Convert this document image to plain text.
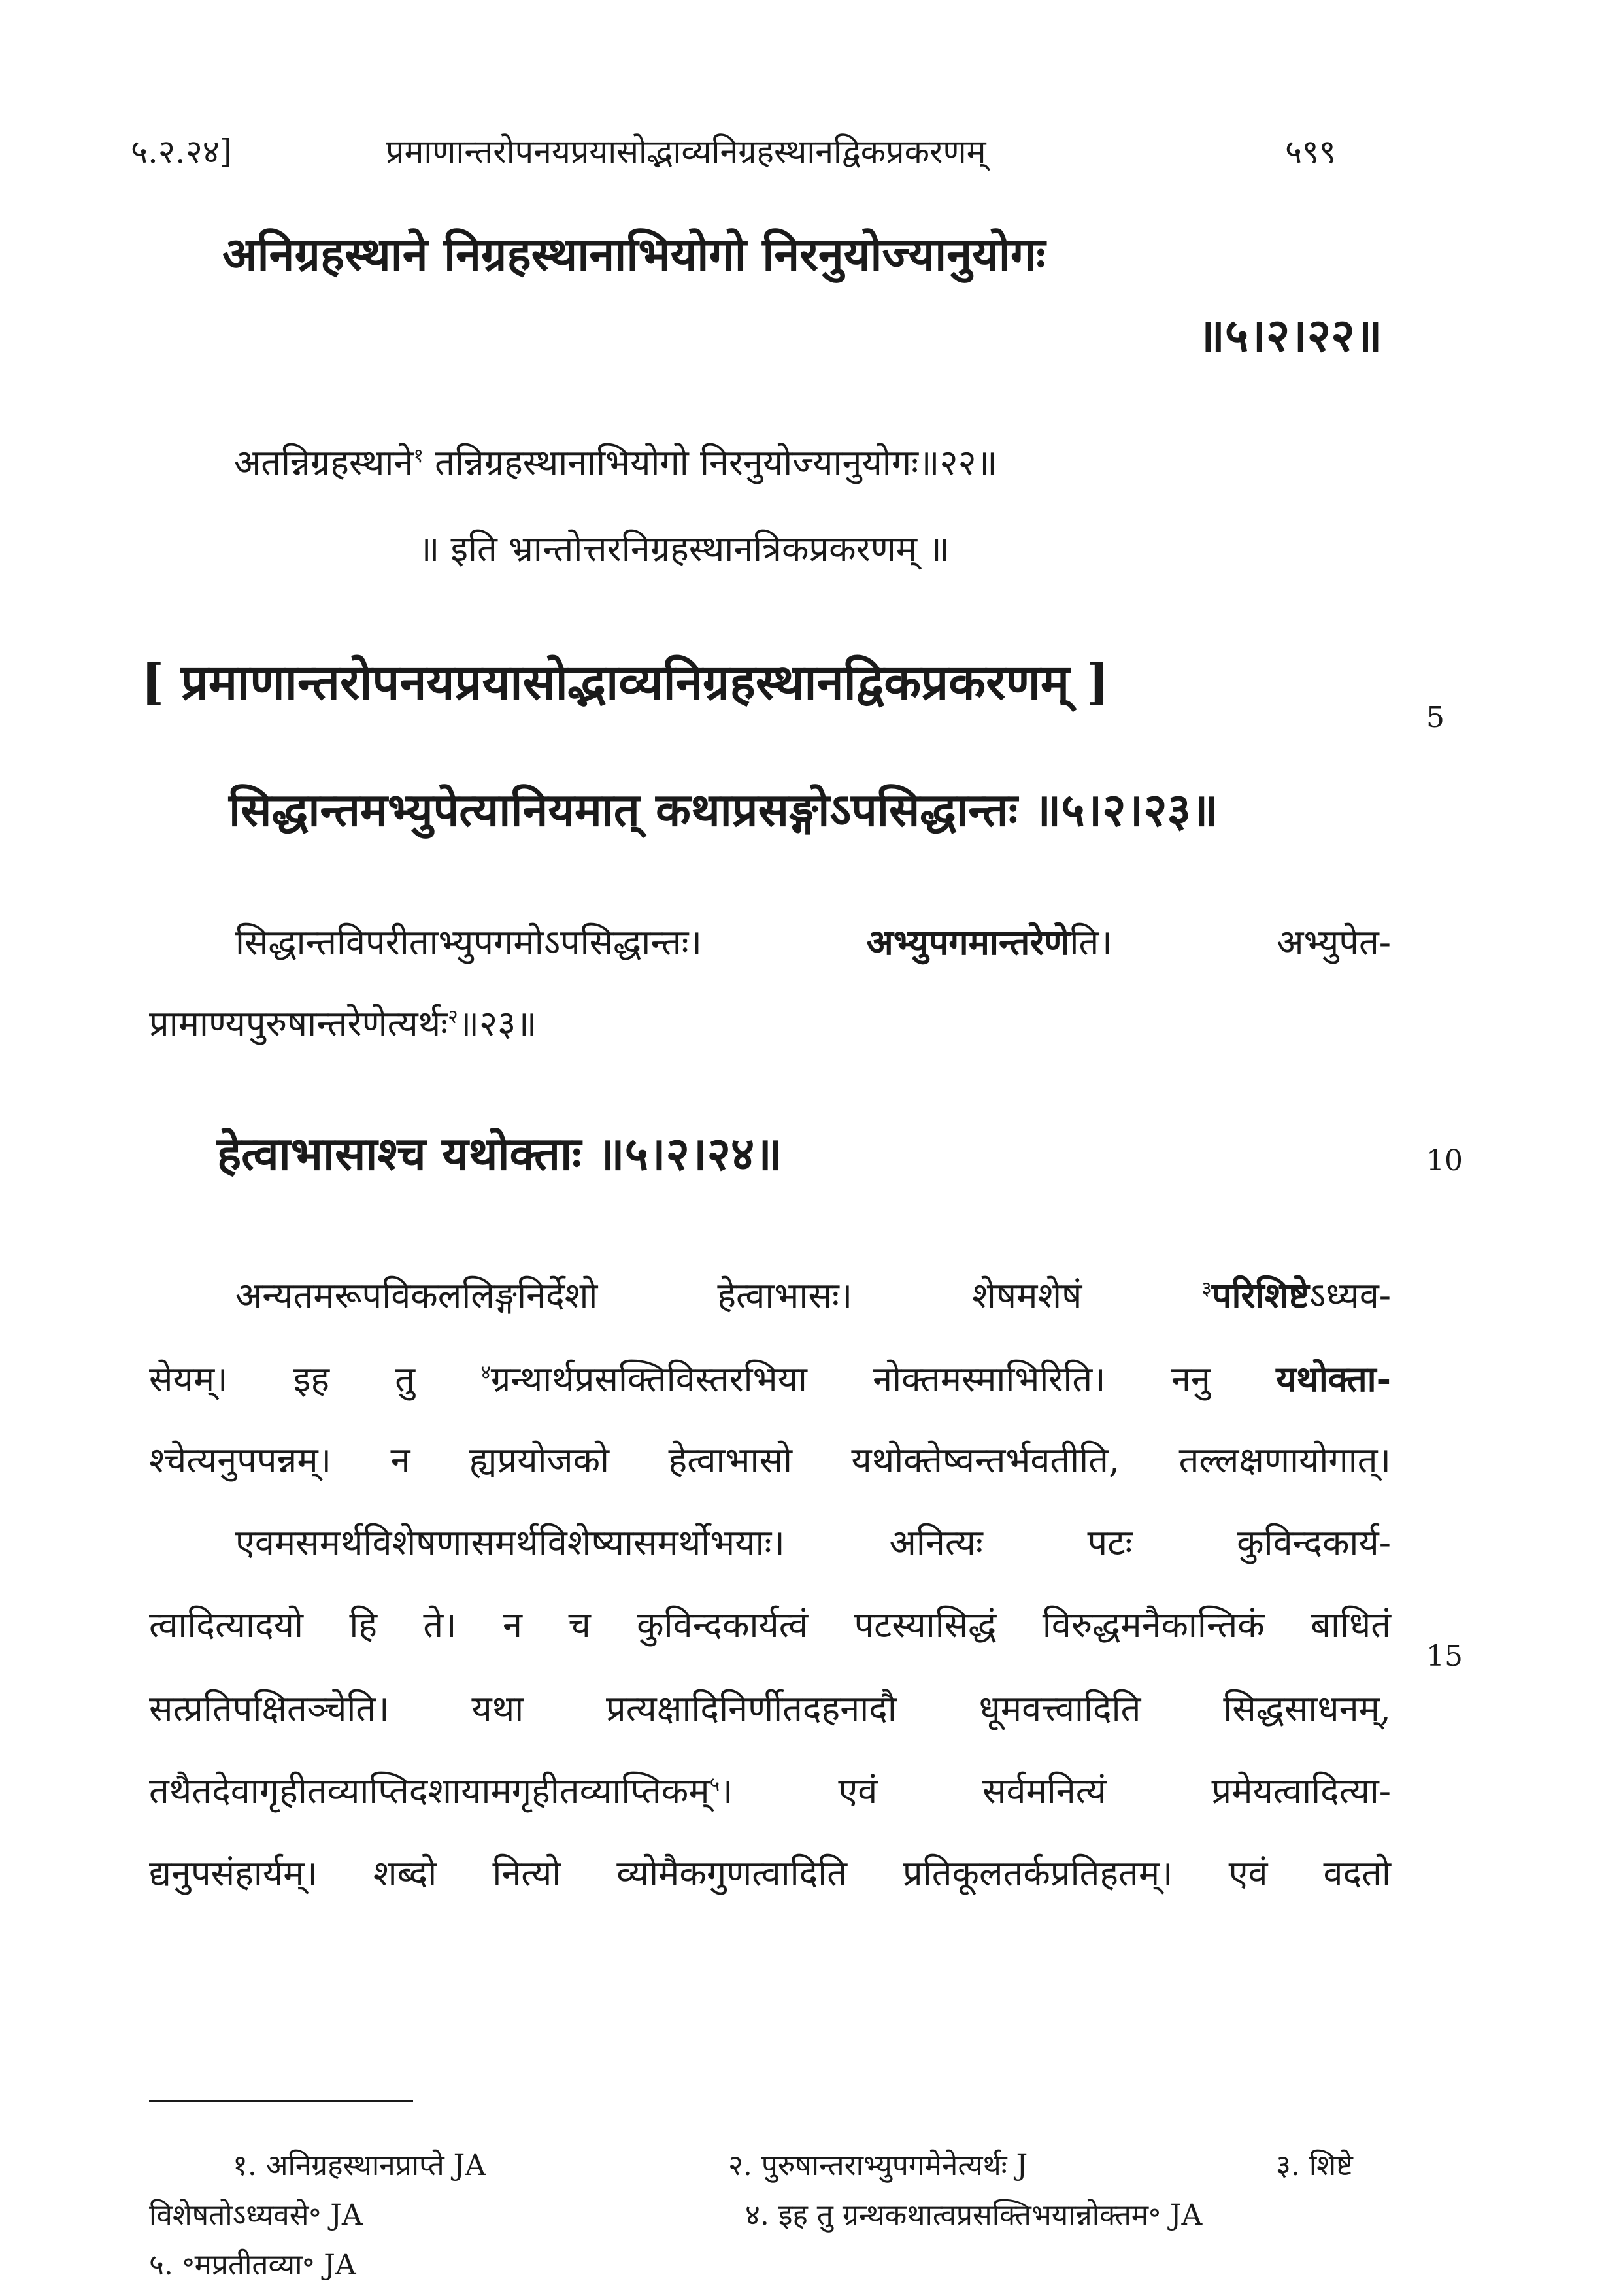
५.२.२४]	प्रमाणान्तरोपनयप्रयासोद्भाव्यनिग्रहस्थानद्विकप्रकरणम्	५९९
अनिग्रहस्थाने निग्रहस्थानाभियोगो निरनुयोज्यानुयोगः
॥५।२।२२॥
अतन्निग्रहस्थाने$^१$ तन्निग्रहस्थानाभियोगो निरनुयोज्यानुयोगः॥२२॥
॥ इति भ्रान्तोत्तरनिग्रहस्थानत्रिकप्रकरणम् ॥
[ प्रमाणान्तरोपनयप्रयासोद्भाव्यनिग्रहस्थानद्विकप्रकरणम् ]
5
सिद्धान्तमभ्युपेत्यानियमात् कथाप्रसङ्गोऽपसिद्धान्तः ॥५।२।२३॥
सिद्धान्तविपरीताभ्युपगमोऽपसिद्धान्तः। अभ्युपगमान्तरेणेति। अभ्युपेत-
प्रामाण्यपुरुषान्तरेणेत्यर्थः$^२$॥२३॥
हेत्वाभासाश्च यथोक्ताः ॥५।२।२४॥	10
अन्यतमरूपविकललिङ्गनिर्देशो हेत्वाभासः। शेषमशेषं $^३$परिशिष्टेऽध्यव-
सेयम्। इह तु $^४$ग्रन्थार्थप्रसक्तिविस्तरभिया नोक्तमस्माभिरिति। ननु यथोक्ता-
श्चेत्यनुपपन्नम्। न ह्यप्रयोजको हेत्वाभासो यथोक्तेष्वन्तर्भवतीति, तल्लक्षणायोगात्।
एवमसमर्थविशेषणासमर्थविशेष्यासमर्थोभयाः। अनित्यः पटः कुविन्दकार्य-
त्वादित्यादयो हि ते। न च कुविन्दकार्यत्वं पटस्यासिद्धं विरुद्धमनैकान्तिकं बाधितं
15
सत्प्रतिपक्षितञ्चेति। यथा प्रत्यक्षादिनिर्णीतदहनादौ धूमवत्त्वादिति सिद्धसाधनम्,
तथैतदेवागृहीतव्याप्तिदशायामगृहीतव्याप्तिकम्$^५$। एवं सर्वमनित्यं प्रमेयत्वादित्या-
द्यनुपसंहार्यम्। शब्दो नित्यो व्योमैकगुणत्वादिति प्रतिकूलतर्कप्रतिहतम्। एवं वदतो
१. अनिग्रहस्थानप्राप्ते JA	२. पुरुषान्तराभ्युपगमेनेत्यर्थः J	३. शिष्टे
विशेषतोऽध्यवसे॰ JA	४. इह तु ग्रन्थकथात्वप्रसक्तिभयान्नोक्तम॰ JA
५. ॰मप्रतीतव्या॰ JA
